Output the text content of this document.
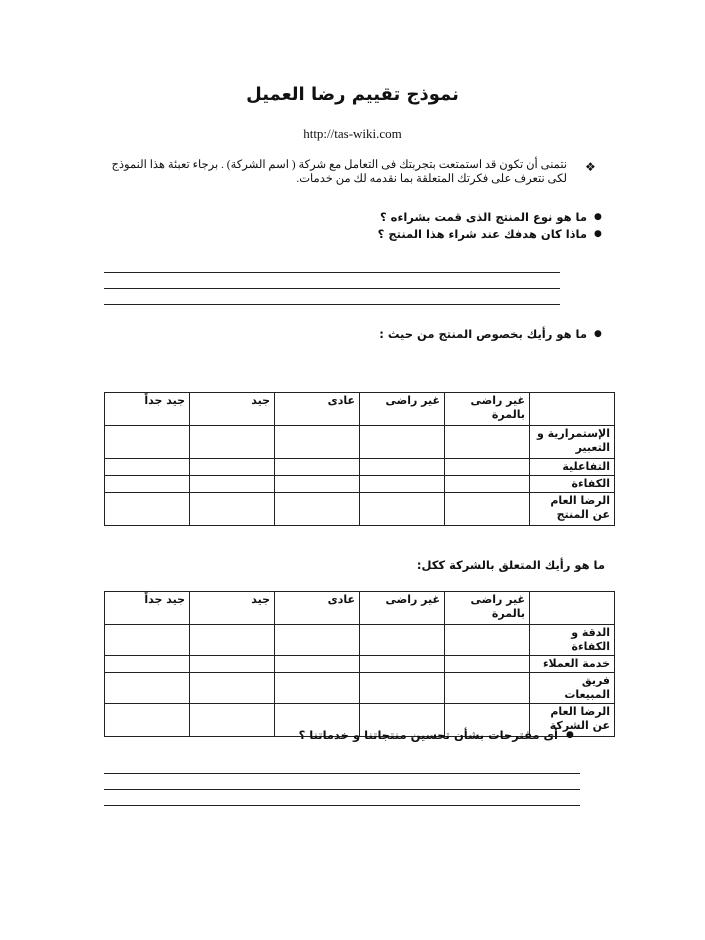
نموذج تقييم رضا العميل
http://tas-wiki.com
❖
نتمنى أن تكون قد استمتعت بتجربتك فى التعامل مع شركة ( اسم الشركة) . برجاء تعبئة هذا النموذج لكى نتعرف على فكرتك المتعلقة بما نقدمه لك من خدمات.
ما هو نوع المنتج الذى قمت بشراءه ؟ ●
ماذا كان هدفك عند شراء هذا المنتج ؟ ●
ما هو رأيك بخصوص المنتج من حيث : ●
	غير راضى بالمرة	غير راضى	عادى	جيد	جيد جداً
الإستمرارية و التعبير					
التفاعلية					
الكفاءة					
الرضا العام عن المنتج					
ما هو رأيك المتعلق بالشركة ككل:
	غير راضى بالمرة	غير راضى	عادى	جيد	جيد جداً
الدقة و الكفاءة					
خدمة العملاء					
فريق المبيعات					
الرضا العام عن الشركة					
أى مقترحات بشأن تحسين منتجاتنا و خدماتنا ؟ ●
